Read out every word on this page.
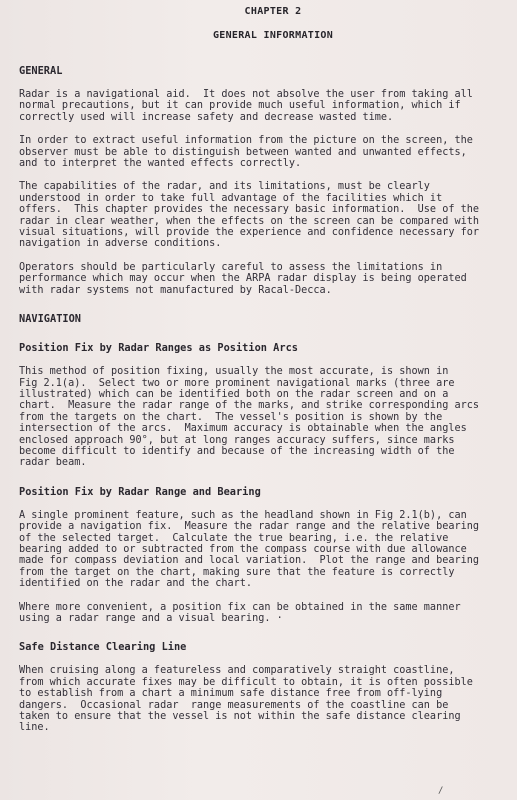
CHAPTER 2
GENERAL INFORMATION
GENERAL

Radar is a navigational aid.  It does not absolve the user from taking all
normal precautions, but it can provide much useful information, which if
correctly used will increase safety and decrease wasted time.

In order to extract useful information from the picture on the screen, the
observer must be able to distinguish between wanted and unwanted effects,
and to interpret the wanted effects correctly.

The capabilities of the radar, and its limitations, must be clearly
understood in order to take full advantage of the facilities which it
offers.  This chapter provides the necessary basic information.  Use of the
radar in clear weather, when the effects on the screen can be compared with
visual situations, will provide the experience and confidence necessary for
navigation in adverse conditions.

Operators should be particularly careful to assess the limitations in
performance which may occur when the ARPA radar display is being operated
with radar systems not manufactured by Racal-Decca.

NAVIGATION
Position Fix by Radar Ranges as Position Arcs

This method of position fixing, usually the most accurate, is shown in
Fig 2.1(a).  Select two or more prominent navigational marks (three are
illustrated) which can be identified both on the radar screen and on a
chart.  Measure the radar range of the marks, and strike corresponding arcs
from the targets on the chart.  The vessel's position is shown by the
intersection of the arcs.  Maximum accuracy is obtainable when the angles
enclosed approach 90°, but at long ranges accuracy suffers, since marks
become difficult to identify and because of the increasing width of the
radar beam.

Position Fix by Radar Range and Bearing

A single prominent feature, such as the headland shown in Fig 2.1(b), can
provide a navigation fix.  Measure the radar range and the relative bearing
of the selected target.  Calculate the true bearing, i.e. the relative
bearing added to or subtracted from the compass course with due allowance
made for compass deviation and local variation.  Plot the range and bearing
from the target on the chart, making sure that the feature is correctly
identified on the radar and the chart.

Where more convenient, a position fix can be obtained in the same manner
using a radar range and a visual bearing. ·

Safe Distance Clearing Line

When cruising along a featureless and comparatively straight coastline,
from which accurate fixes may be difficult to obtain, it is often possible
to establish from a chart a minimum safe distance free from off-lying
dangers.  Occasional radar  range measurements of the coastline can be
taken to ensure that the vessel is not within the safe distance clearing
line.

/
